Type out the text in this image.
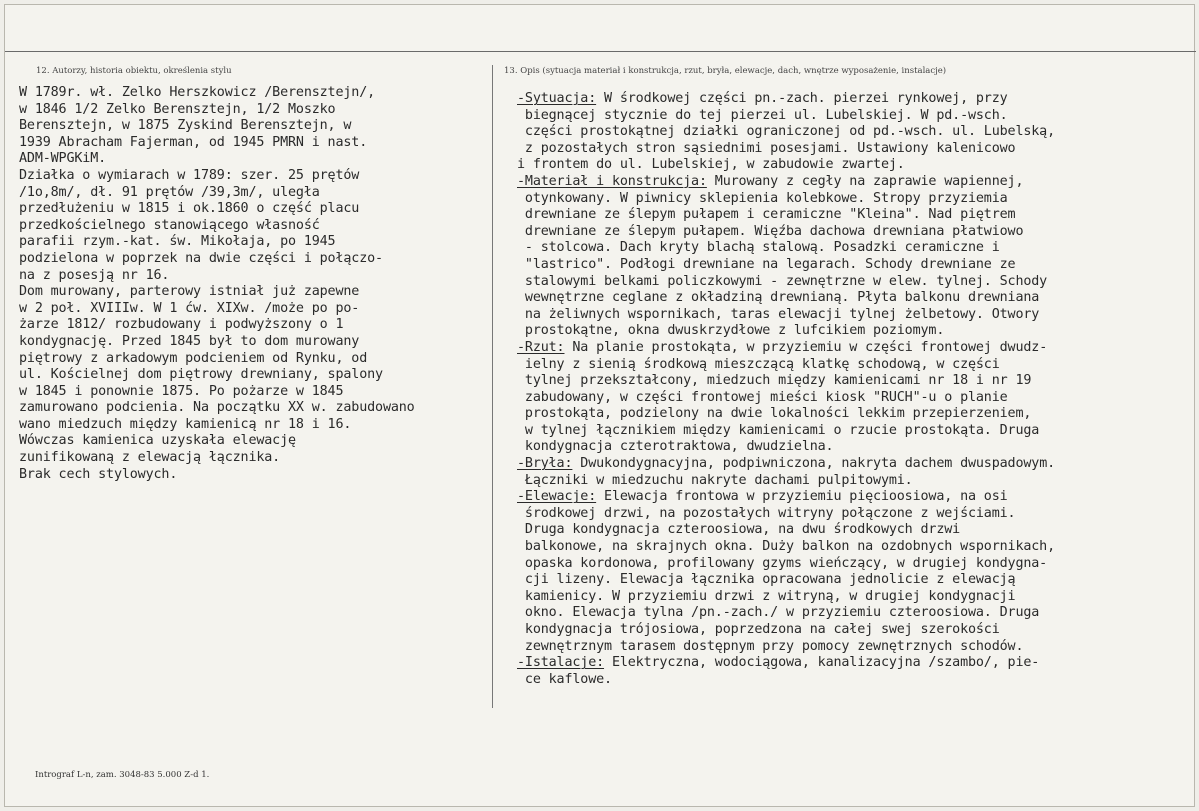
12. Autorzy, historia obiektu, określenia stylu	13. Opis (sytuacja materiał i konstrukcja, rzut, bryła, elewacje, dach, wnętrze wyposażenie, instalacje)
W 1789r. wł. Zelko Herszkowicz /Berensztejn/,
w 1846 1/2 Zelko Berensztejn, 1/2 Moszko
Berensztejn, w 1875 Zyskind Berensztejn, w
1939 Abracham Fajerman, od 1945 PMRN i nast.
ADM-WPGKiM.
Działka o wymiarach w 1789: szer. 25 prętów
/1o,8m/, dł. 91 prętów /39,3m/, uległa
przedłużeniu w 1815 i ok.1860 o część placu
przedkościelnego stanowiącego własność
parafii rzym.-kat. św. Mikołaja, po 1945
podzielona w poprzek na dwie części i połączo-
na z posesją nr 16.
Dom murowany, parterowy istniał już zapewne
w 2 poł. XVIIIw. W 1 ćw. XIXw. /może po po-
żarze 1812/ rozbudowany i podwyższony o 1
kondygnację. Przed 1845 był to dom murowany
piętrowy z arkadowym podcieniem od Rynku, od
ul. Kościelnej dom piętrowy drewniany, spalony
w 1845 i ponownie 1875. Po pożarze w 1845
zamurowano podcienia. Na początku XX w. zabudowano
wano miedzuch między kamienicą nr 18 i 16.
Wówczas kamienica uzyskała elewację
zunifikowaną z elewacją łącznika.
Brak cech stylowych.
-Sytuacja: W środkowej części pn.-zach. pierzei rynkowej, przy
biegnącej stycznie do tej pierzei ul. Lubelskiej. W pd.-wsch.
części prostokątnej działki ograniczonej od pd.-wsch. ul. Lubelską,
z pozostałych stron sąsiednimi posesjami. Ustawiony kalenicowo
i frontem do ul. Lubelskiej, w zabudowie zwartej.
-Materiał i konstrukcja: Murowany z cegły na zaprawie wapiennej,
otynkowany. W piwnicy sklepienia kolebkowe. Stropy przyziemia
drewniane ze ślepym pułapem i ceramiczne "Kleina". Nad piętrem
drewniane ze ślepym pułapem. Więźba dachowa drewniana płatwiowo
- stolcowa. Dach kryty blachą stalową. Posadzki ceramiczne i
"lastrico". Podłogi drewniane na legarach. Schody drewniane ze
stalowymi belkami policzkowymi - zewnętrzne w elew. tylnej. Schody
wewnętrzne ceglane z okładziną drewnianą. Płyta balkonu drewniana
na żeliwnych wspornikach, taras elewacji tylnej żelbetowy. Otwory
prostokątne, okna dwuskrzydłowe z lufcikiem poziomym.
-Rzut: Na planie prostokąta, w przyziemiu w części frontowej dwudz-
ielny z sienią środkową mieszczącą klatkę schodową, w części
tylnej przekształcony, miedzuch między kamienicami nr 18 i nr 19
zabudowany, w części frontowej mieści kiosk "RUCH"-u o planie
prostokąta, podzielony na dwie lokalności lekkim przepierzeniem,
w tylnej łącznikiem między kamienicami o rzucie prostokąta. Druga
kondygnacja czterotraktowa, dwudzielna.
-Bryła: Dwukondygnacyjna, podpiwniczona, nakryta dachem dwuspadowym.
Łączniki w miedzuchu nakryte dachami pulpitowymi.
-Elewacje: Elewacja frontowa w przyziemiu pięcioosiowa, na osi
środkowej drzwi, na pozostałych witryny połączone z wejściami.
Druga kondygnacja czteroosiowa, na dwu środkowych drzwi
balkonowe, na skrajnych okna. Duży balkon na ozdobnych wspornikach,
opaska kordonowa, profilowany gzyms wieńczący, w drugiej kondygna-
cji lizeny. Elewacja łącznika opracowana jednolicie z elewacją
kamienicy. W przyziemiu drzwi z witryną, w drugiej kondygnacji
okno. Elewacja tylna /pn.-zach./ w przyziemiu czteroosiowa. Druga
kondygnacja trójosiowa, poprzedzona na całej swej szerokości
zewnętrznym tarasem dostępnym przy pomocy zewnętrznych schodów.
-Istalacje: Elektryczna, wodociągowa, kanalizacyjna /szambo/, pie-
ce kaflowe.
Intrograf L-n, zam. 3048-83 5.000 Z-d 1.
